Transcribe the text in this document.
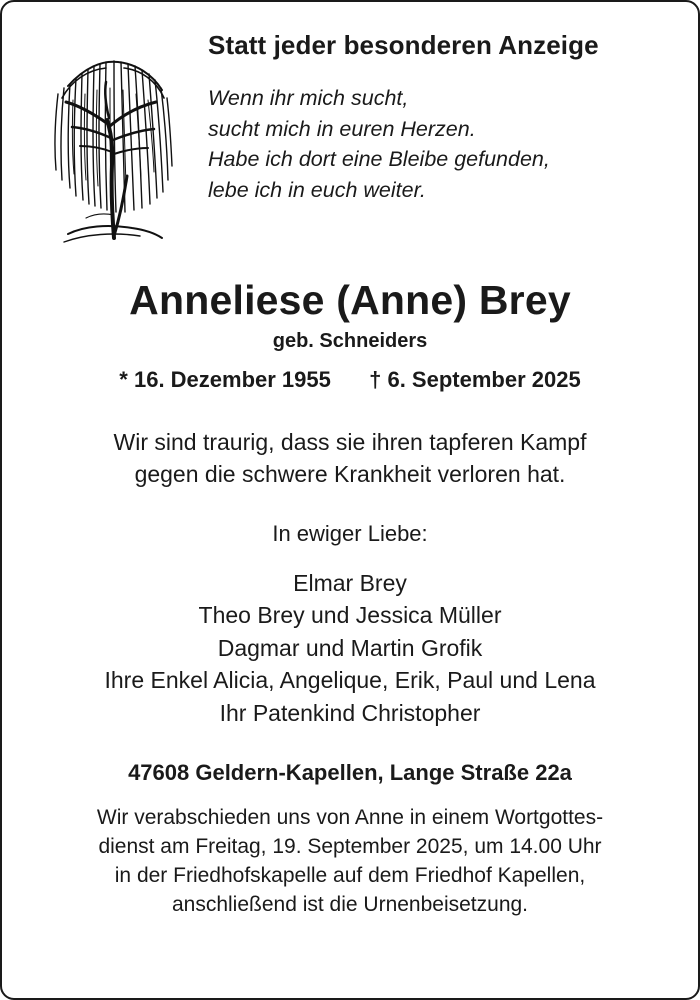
Statt jeder besonderen Anzeige

Wenn ihr mich sucht,
sucht mich in euren Herzen.
Habe ich dort eine Bleibe gefunden,
lebe ich in euch weiter.

Anneliese (Anne) Brey

geb. Schneiders

* 16. Dezember 1955 † 6. September 2025

Wir sind traurig, dass sie ihren tapferen Kampf
gegen die schwere Krankheit verloren hat.

In ewiger Liebe:

Elmar Brey
Theo Brey und Jessica Müller
Dagmar und Martin Grofik
Ihre Enkel Alicia, Angelique, Erik, Paul und Lena
Ihr Patenkind Christopher

47608 Geldern-Kapellen, Lange Straße 22a

Wir verabschieden uns von Anne in einem Wortgottes-
dienst am Freitag, 19. September 2025, um 14.00 Uhr
in der Friedhofskapelle auf dem Friedhof Kapellen,
anschließend ist die Urnenbeisetzung.
